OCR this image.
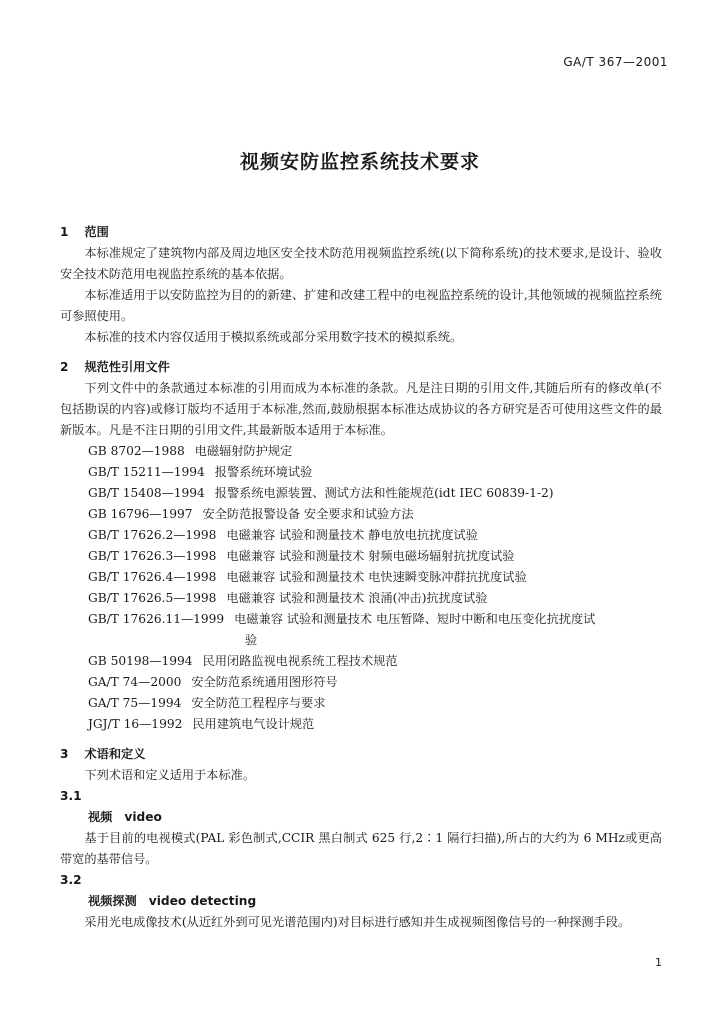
GA/T 367—2001
视频安防监控系统技术要求
1 范围

本标准规定了建筑物内部及周边地区安全技术防范用视频监控系统(以下简称系统)的技术要求,是设计、验收安全技术防范用电视监控系统的基本依据。

本标准适用于以安防监控为目的的新建、扩建和改建工程中的电视监控系统的设计,其他领域的视频监控系统可参照使用。

本标准的技术内容仅适用于模拟系统或部分采用数字技术的模拟系统。

2 规范性引用文件

下列文件中的条款通过本标准的引用而成为本标准的条款。凡是注日期的引用文件,其随后所有的修改单(不包括勘误的内容)或修订版均不适用于本标准,然而,鼓励根据本标准达成协议的各方研究是否可使用这些文件的最新版本。凡是不注日期的引用文件,其最新版本适用于本标准。

GB 8702—1988 电磁辐射防护规定
GB/T 15211—1994 报警系统环境试验
GB/T 15408—1994 报警系统电源装置、测试方法和性能规范(idt IEC 60839-1-2)
GB 16796—1997 安全防范报警设备 安全要求和试验方法
GB/T 17626.2—1998 电磁兼容 试验和测量技术 静电放电抗扰度试验
GB/T 17626.3—1998 电磁兼容 试验和测量技术 射频电磁场辐射抗扰度试验
GB/T 17626.4—1998 电磁兼容 试验和测量技术 电快速瞬变脉冲群抗扰度试验
GB/T 17626.5—1998 电磁兼容 试验和测量技术 浪涌(冲击)抗扰度试验
GB/T 17626.11—1999 电磁兼容 试验和测量技术 电压暂降、短时中断和电压变化抗扰度试
验
GB 50198—1994 民用闭路监视电视系统工程技术规范
GA/T 74—2000 安全防范系统通用图形符号
GA/T 75—1994 安全防范工程程序与要求
JGJ/T 16—1992 民用建筑电气设计规范
3 术语和定义

下列术语和定义适用于本标准。

3.1

视频 video

基于目前的电视模式(PAL 彩色制式,CCIR 黑白制式 625 行,2∶1 隔行扫描),所占的大约为 6 MHz或更高带宽的基带信号。

3.2

视频探测 video detecting

采用光电成像技术(从近红外到可见光谱范围内)对目标进行感知并生成视频图像信号的一种探测手段。

1
